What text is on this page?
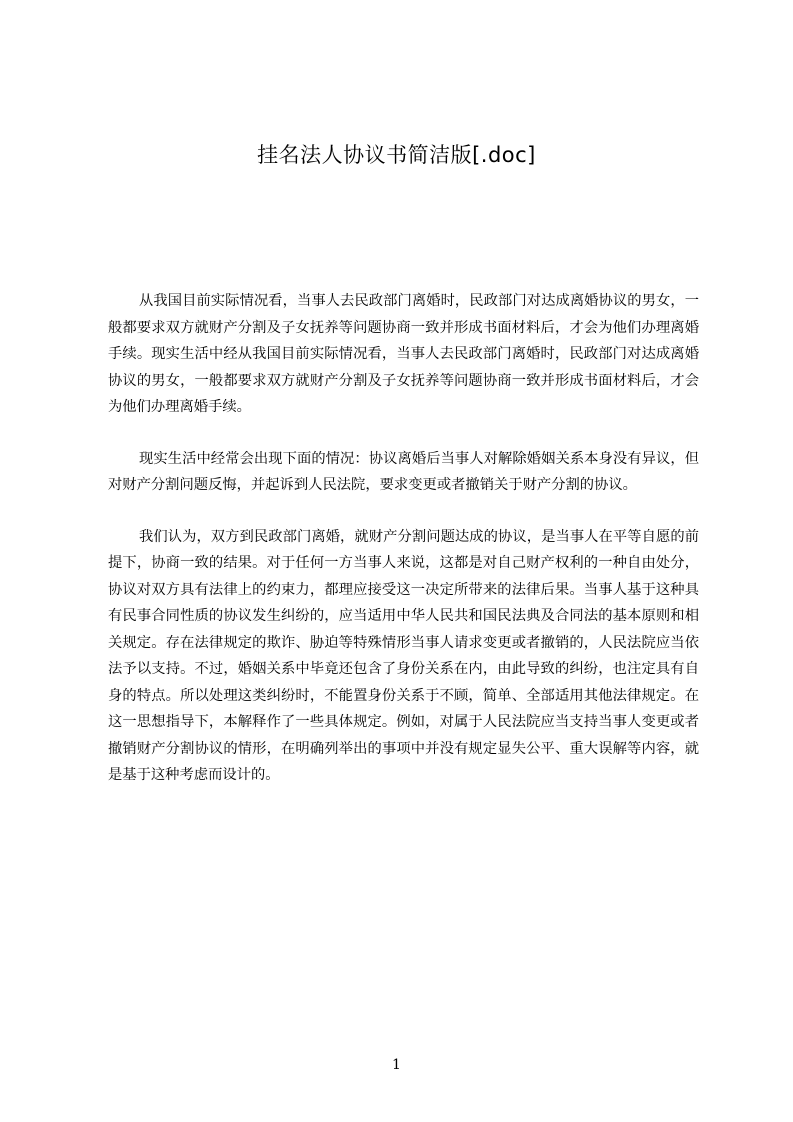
挂名法人协议书简洁版[.doc]

从我国目前实际情况看，当事人去民政部门离婚时，民政部门对达成离婚协议的男女，一般都要求双方就财产分割及子女抚养等问题协商一致并形成书面材料后，才会为他们办理离婚手续。现实生活中经从我国目前实际情况看，当事人去民政部门离婚时，民政部门对达成离婚协议的男女，一般都要求双方就财产分割及子女抚养等问题协商一致并形成书面材料后，才会为他们办理离婚手续。

现实生活中经常会出现下面的情况：协议离婚后当事人对解除婚姻关系本身没有异议，但对财产分割问题反悔，并起诉到人民法院，要求变更或者撤销关于财产分割的协议。

我们认为，双方到民政部门离婚，就财产分割问题达成的协议，是当事人在平等自愿的前提下，协商一致的结果。对于任何一方当事人来说，这都是对自己财产权利的一种自由处分，协议对双方具有法律上的约束力，都理应接受这一决定所带来的法律后果。当事人基于这种具有民事合同性质的协议发生纠纷的，应当适用中华人民共和国民法典及合同法的基本原则和相关规定。存在法律规定的欺诈、胁迫等特殊情形当事人请求变更或者撤销的，人民法院应当依法予以支持。不过，婚姻关系中毕竟还包含了身份关系在内，由此导致的纠纷，也注定具有自身的特点。所以处理这类纠纷时，不能置身份关系于不顾，简单、全部适用其他法律规定。在这一思想指导下，本解释作了一些具体规定。例如，对属于人民法院应当支持当事人变更或者撤销财产分割协议的情形，在明确列举出的事项中并没有规定显失公平、重大误解等内容，就是基于这种考虑而设计的。

1
